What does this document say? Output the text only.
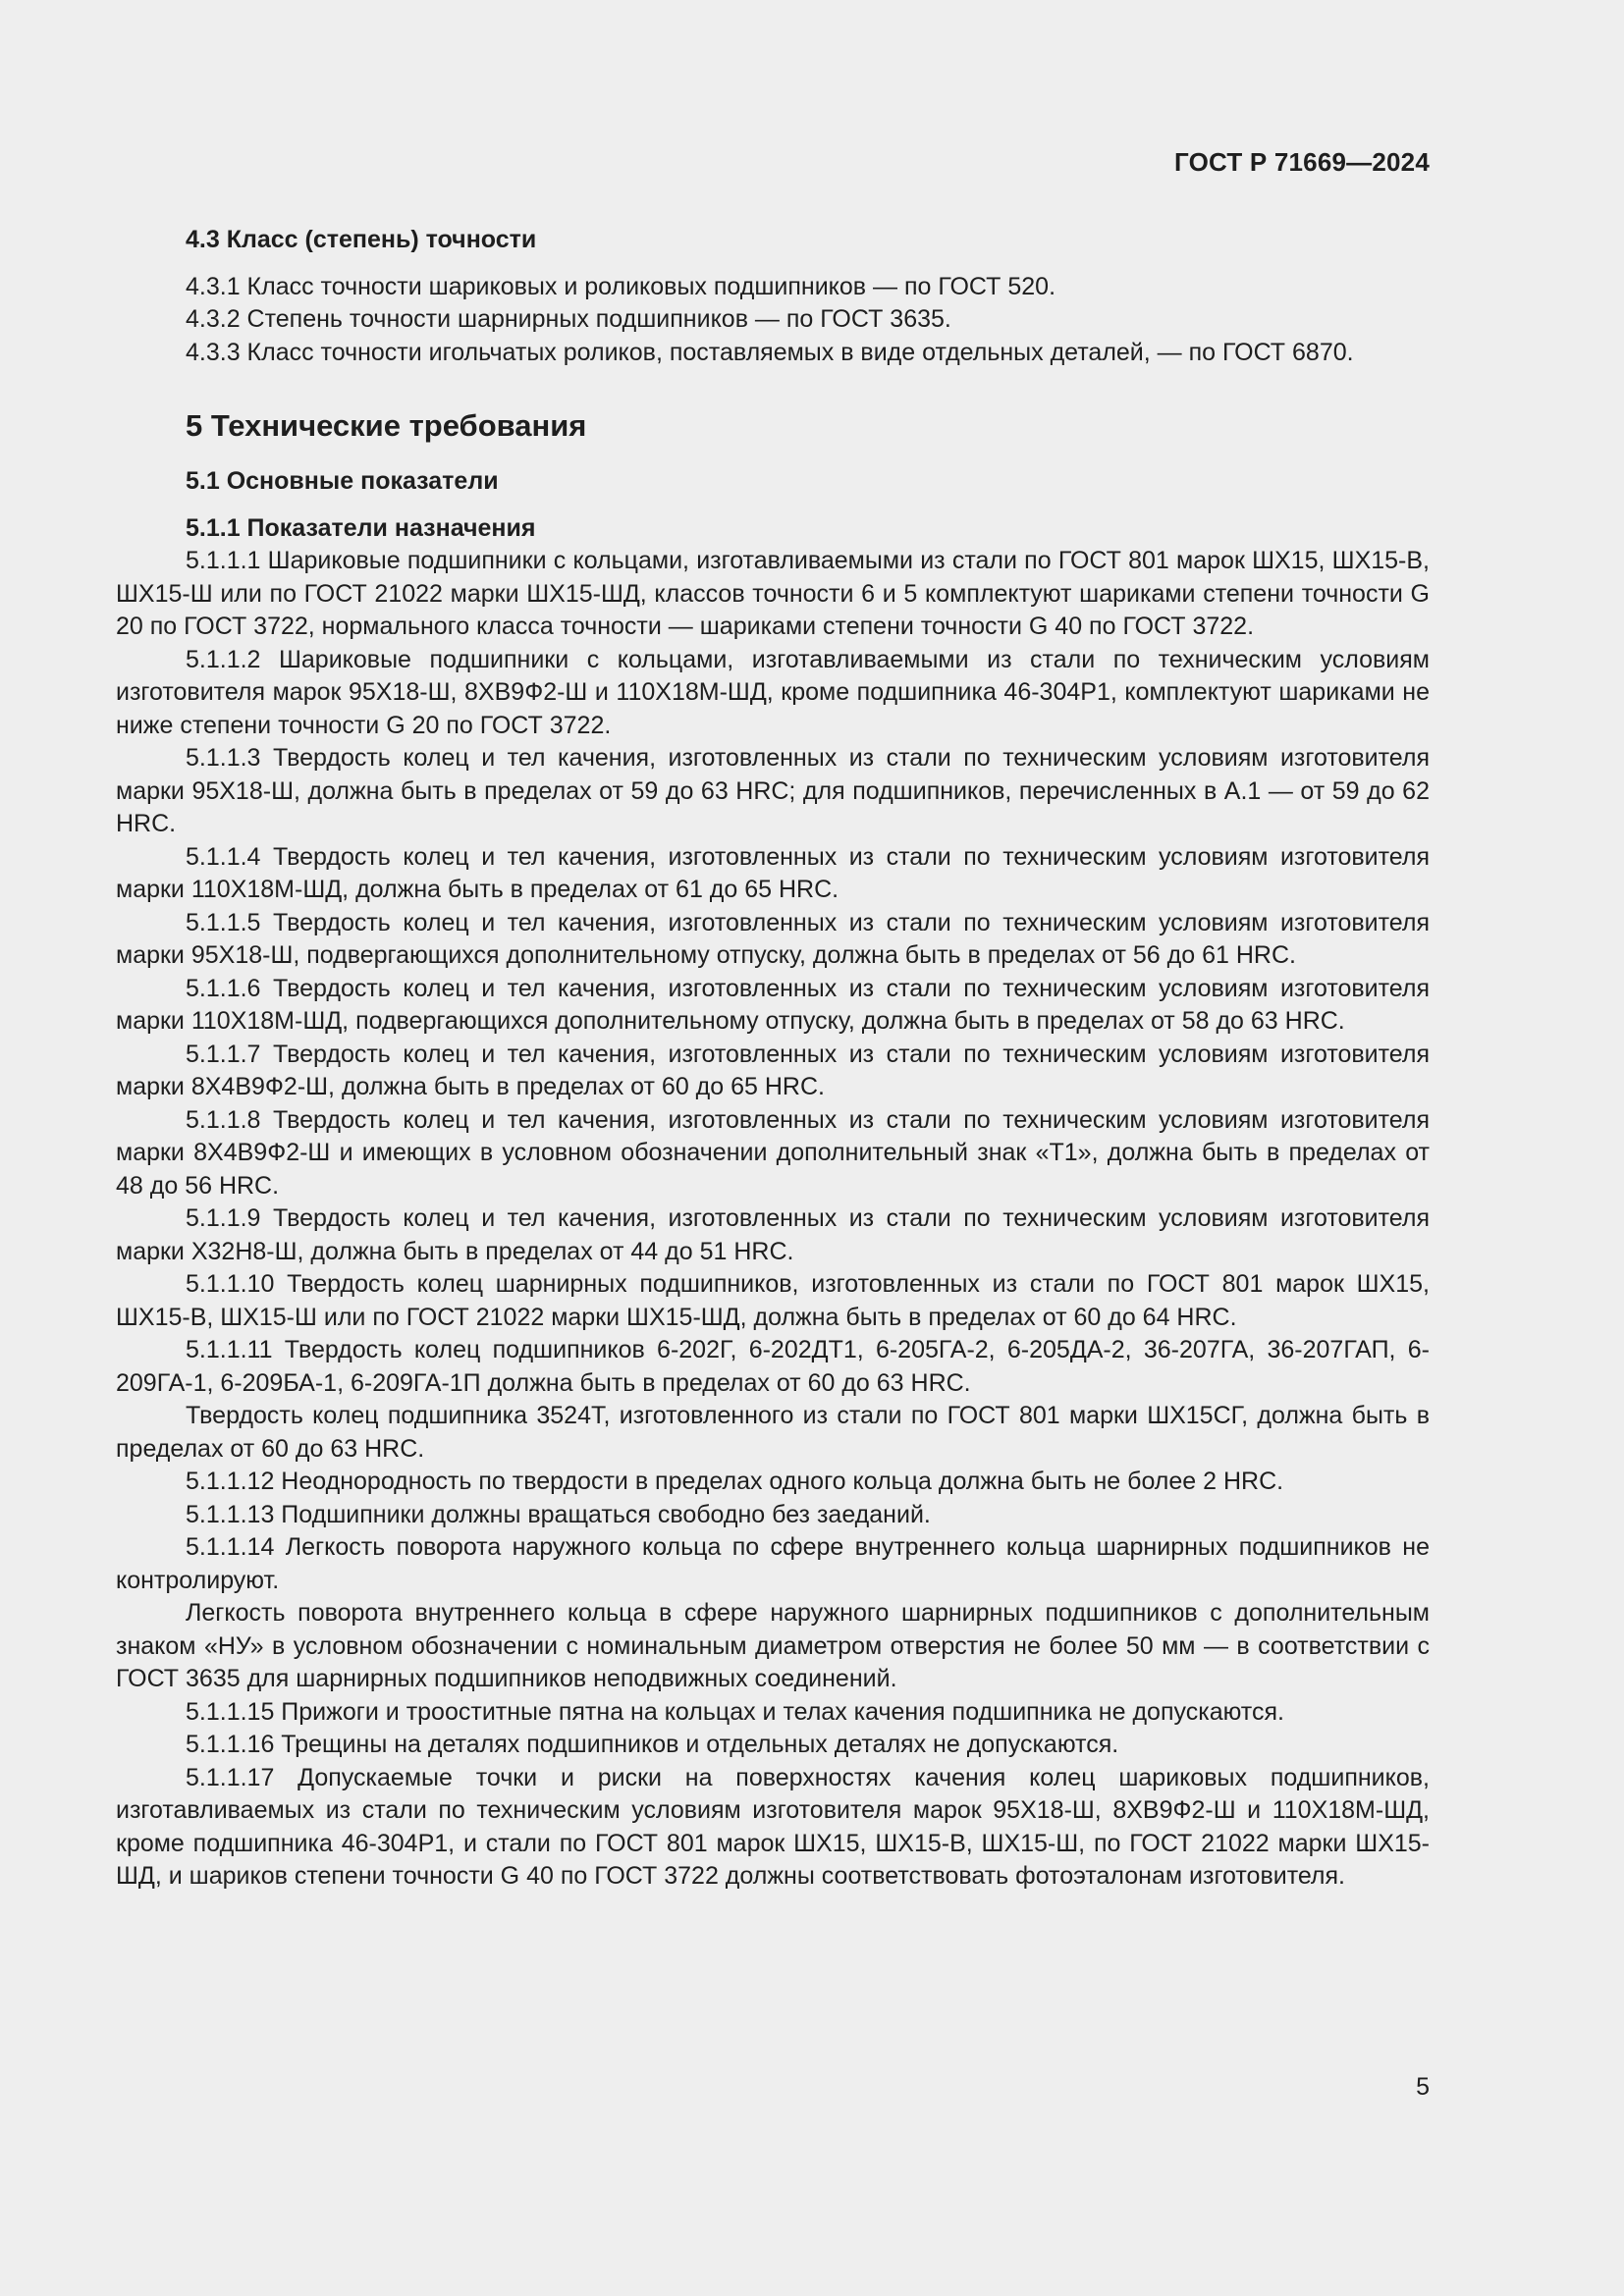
ГОСТ Р 71669—2024

4.3 Класс (степень) точности

4.3.1 Класс точности шариковых и роликовых подшипников — по ГОСТ 520.

4.3.2 Степень точности шарнирных подшипников — по ГОСТ 3635.

4.3.3 Класс точности игольчатых роликов, поставляемых в виде отдельных деталей, — по ГОСТ 6870.

5 Технические требования

5.1 Основные показатели

5.1.1 Показатели назначения

5.1.1.1 Шариковые подшипники с кольцами, изготавливаемыми из стали по ГОСТ 801 марок ШХ15, ШХ15-В, ШХ15-Ш или по ГОСТ 21022 марки ШХ15-ШД, классов точности 6 и 5 комплектуют шариками степени точности G 20 по ГОСТ 3722, нормального класса точности — шариками степени точности G 40 по ГОСТ 3722.

5.1.1.2 Шариковые подшипники с кольцами, изготавливаемыми из стали по техническим условиям изготовителя марок 95Х18-Ш, 8ХВ9Ф2-Ш и 110Х18М-ШД, кроме подшипника 46-304Р1, комплектуют шариками не ниже степени точности G 20 по ГОСТ 3722.

5.1.1.3 Твердость колец и тел качения, изготовленных из стали по техническим условиям изготовителя марки 95Х18-Ш, должна быть в пределах от 59 до 63 HRC; для подшипников, перечисленных в А.1 — от 59 до 62 HRC.

5.1.1.4 Твердость колец и тел качения, изготовленных из стали по техническим условиям изготовителя марки 110Х18М-ШД, должна быть в пределах от 61 до 65 HRC.

5.1.1.5 Твердость колец и тел качения, изготовленных из стали по техническим условиям изготовителя марки 95Х18-Ш, подвергающихся дополнительному отпуску, должна быть в пределах от 56 до 61 HRC.

5.1.1.6 Твердость колец и тел качения, изготовленных из стали по техническим условиям изготовителя марки 110Х18М-ШД, подвергающихся дополнительному отпуску, должна быть в пределах от 58 до 63 HRC.

5.1.1.7 Твердость колец и тел качения, изготовленных из стали по техническим условиям изготовителя марки 8Х4В9Ф2-Ш, должна быть в пределах от 60 до 65 HRC.

5.1.1.8 Твердость колец и тел качения, изготовленных из стали по техническим условиям изготовителя марки 8Х4В9Ф2-Ш и имеющих в условном обозначении дополнительный знак «Т1», должна быть в пределах от 48 до 56 HRC.

5.1.1.9 Твердость колец и тел качения, изготовленных из стали по техническим условиям изготовителя марки Х32Н8-Ш, должна быть в пределах от 44 до 51 HRC.

5.1.1.10 Твердость колец шарнирных подшипников, изготовленных из стали по ГОСТ 801 марок ШХ15, ШХ15-В, ШХ15-Ш или по ГОСТ 21022 марки ШХ15-ШД, должна быть в пределах от 60 до 64 HRC.

5.1.1.11 Твердость колец подшипников 6-202Г, 6-202ДТ1, 6-205ГА-2, 6-205ДА-2, 36-207ГА, 36-207ГАП, 6-209ГА-1, 6-209БА-1, 6-209ГА-1П должна быть в пределах от 60 до 63 HRC.

Твердость колец подшипника 3524Т, изготовленного из стали по ГОСТ 801 марки ШХ15СГ, должна быть в пределах от 60 до 63 HRC.

5.1.1.12 Неоднородность по твердости в пределах одного кольца должна быть не более 2 HRC.

5.1.1.13 Подшипники должны вращаться свободно без заеданий.

5.1.1.14 Легкость поворота наружного кольца по сфере внутреннего кольца шарнирных подшипников не контролируют.

Легкость поворота внутреннего кольца в сфере наружного шарнирных подшипников с дополнительным знаком «НУ» в условном обозначении с номинальным диаметром отверстия не более 50 мм — в соответствии с ГОСТ 3635 для шарнирных подшипников неподвижных соединений.

5.1.1.15 Прижоги и трооститные пятна на кольцах и телах качения подшипника не допускаются.

5.1.1.16 Трещины на деталях подшипников и отдельных деталях не допускаются.

5.1.1.17 Допускаемые точки и риски на поверхностях качения колец шариковых подшипников, изготавливаемых из стали по техническим условиям изготовителя марок 95Х18-Ш, 8ХВ9Ф2-Ш и 110Х18М-ШД, кроме подшипника 46-304Р1, и стали по ГОСТ 801 марок ШХ15, ШХ15-В, ШХ15-Ш, по ГОСТ 21022 марки ШХ15-ШД, и шариков степени точности G 40 по ГОСТ 3722 должны соответствовать фотоэталонам изготовителя.

5
